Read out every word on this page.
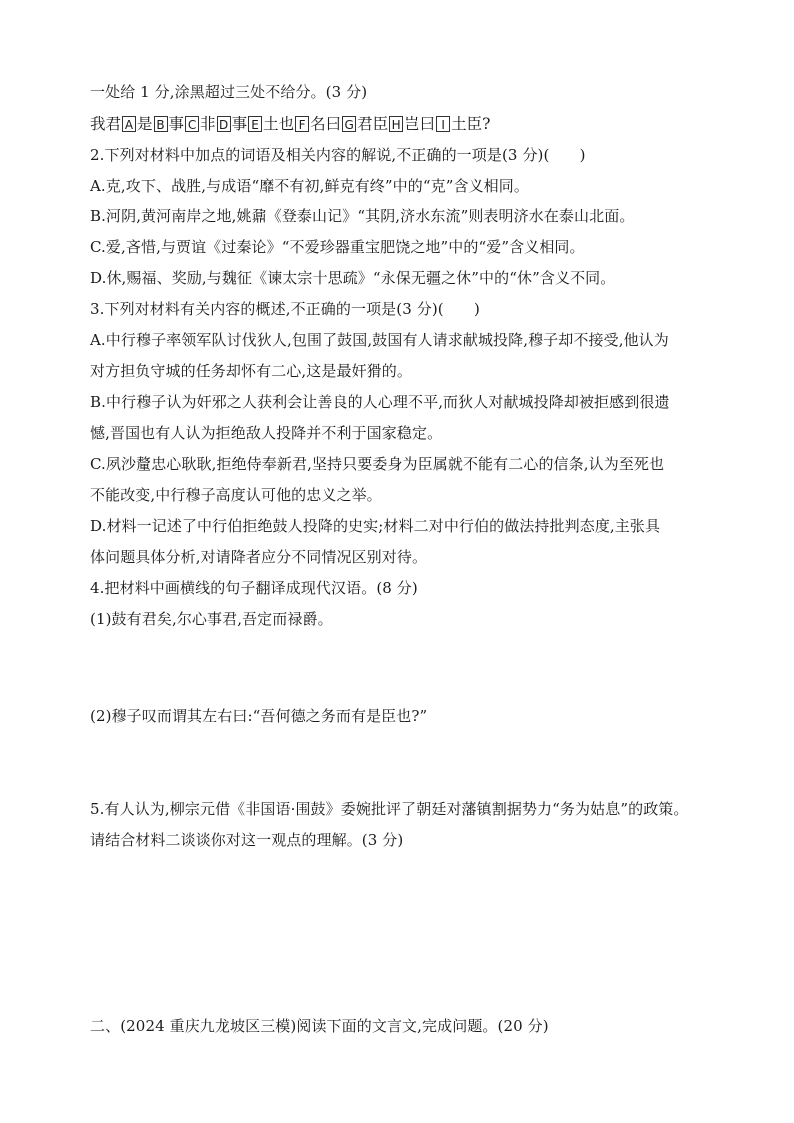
一处给 1 分,涂黑超过三处不给分。(3 分)
我君 A 是 B 事 C 非 D 事 E 土也 F 名曰 G 君臣 H 岂曰 I 土臣?
2.下列对材料中加点的词语及相关内容的解说,不正确的一项是(3 分)(　　)
A.克,攻下、战胜,与成语“靡不有初,鲜克有终”中的“克”含义相同。
B.河阴,黄河南岸之地,姚鼐《登泰山记》“其阴,济水东流”则表明济水在泰山北面。
C.爱,吝惜,与贾谊《过秦论》“不爱珍器重宝肥饶之地”中的“爱”含义相同。
D.休,赐福、奖励,与魏征《谏太宗十思疏》“永保无疆之休”中的“休”含义不同。
3.下列对材料有关内容的概述,不正确的一项是(3 分)(　　)
A.中行穆子率领军队讨伐狄人,包围了鼓国,鼓国有人请求献城投降,穆子却不接受,他认为
对方担负守城的任务却怀有二心,这是最奸猾的。
B.中行穆子认为奸邪之人获利会让善良的人心理不平,而狄人对献城投降却被拒感到很遗
憾,晋国也有人认为拒绝敌人投降并不利于国家稳定。
C.夙沙釐忠心耿耿,拒绝侍奉新君,坚持只要委身为臣属就不能有二心的信条,认为至死也
不能改变,中行穆子高度认可他的忠义之举。
D.材料一记述了中行伯拒绝鼓人投降的史实;材料二对中行伯的做法持批判态度,主张具
体问题具体分析,对请降者应分不同情况区别对待。
4.把材料中画横线的句子翻译成现代汉语。(8 分)
(1)鼓有君矣,尔心事君,吾定而禄爵。
(2)穆子叹而谓其左右曰:“吾何德之务而有是臣也?”
5.有人认为,柳宗元借《非国语·围鼓》委婉批评了朝廷对藩镇割据势力“务为姑息”的政策。
请结合材料二谈谈你对这一观点的理解。(3 分)
二、(2024 重庆九龙坡区三模)阅读下面的文言文,完成问题。(20 分)
